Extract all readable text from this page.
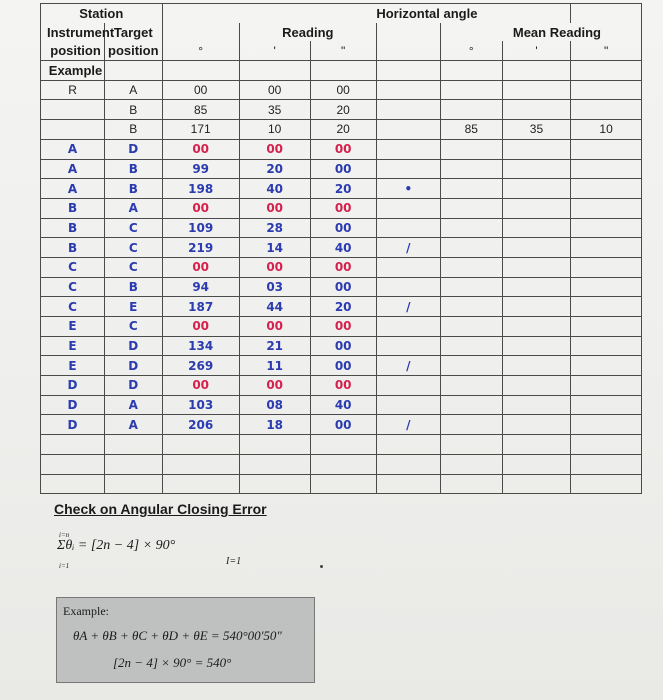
Station					Horizontal angle			
Instrument	Target		Reading			Mean Reading		
position	position	°	'	"		°	'	"
Example								
R	A	00	00	00				
	B	85	35	20				
	B	171	10	20		85	35	10
A	D	00	00	00				
A	B	99	20	00				
A	B	198	40	20	•			
B	A	00	00	00				
B	C	109	28	00				
B	C	219	14	40	/			
C	C	00	00	00				
C	B	94	03	00				
C	E	187	44	20	/			
E	C	00	00	00				
E	D	134	21	00				
E	D	269	11	00	/			
D	D	00	00	00				
D	A	103	08	40				
D	A	206	18	00	/			

Check on Angular Closing Error
i=n
Σθᵢ = [2n − 4] × 90°
i=1	I=1
Example:
θA + θB + θC + θD + θE = 540°00'50"
[2n − 4] × 90° = 540°
